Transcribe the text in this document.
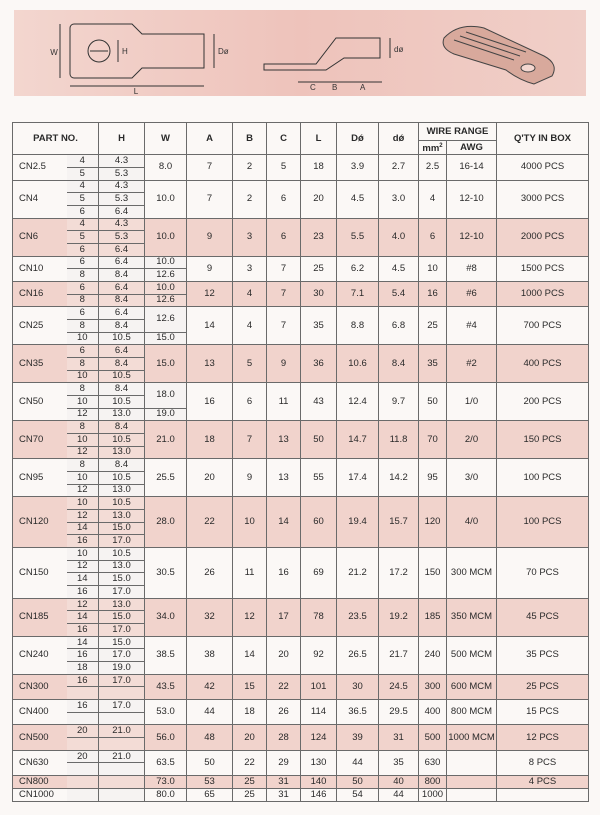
W	H
L
Dø
C B	A
dø
PART NO.		H	W	A	B	C	L	Dǿ	dǿ	WIRE RANGE		Q'TY IN BOX
										$mm^2$	AWG	
CN2.5	4	4.3	8.0	7	2	5	18	3.9	2.7	2.5	16-14	4000 PCS
	5	5.3										
CN4	4	4.3	10.0	7	2	6	20	4.5	3.0	4	12-10	3000 PCS
	5	5.3										
	6	6.4										
CN6	4	4.3	10.0	9	3	6	23	5.5	4.0	6	12-10	2000 PCS
	5	5.3										
	6	6.4										
CN10	6	6.4	10.0	9	3	7	25	6.2	4.5	10	#8	1500 PCS
	8	8.4	12.6									
CN16	6	6.4	10.0	12	4	7	30	7.1	5.4	16	#6	1000 PCS
	8	8.4	12.6									
CN25	6	6.4	12.6	14	4	7	35	8.8	6.8	25	#4	700 PCS
	8	8.4										
	10	10.5	15.0									
CN35	6	6.4	15.0	13	5	9	36	10.6	8.4	35	#2	400 PCS
	8	8.4										
	10	10.5										
CN50	8	8.4	18.0	16	6	11	43	12.4	9.7	50	1/0	200 PCS
	10	10.5										
	12	13.0	19.0									
CN70	8	8.4	21.0	18	7	13	50	14.7	11.8	70	2/0	150 PCS
	10	10.5										
	12	13.0										
CN95	8	8.4	25.5	20	9	13	55	17.4	14.2	95	3/0	100 PCS
	10	10.5										
	12	13.0										
CN120	10	10.5	28.0	22	10	14	60	19.4	15.7	120	4/0	100 PCS
	12	13.0										
	14	15.0										
	16	17.0										
CN150	10	10.5	30.5	26	11	16	69	21.2	17.2	150	300 MCM	70 PCS
	12	13.0										
	14	15.0										
	16	17.0										
CN185	12	13.0	34.0	32	12	17	78	23.5	19.2	185	350 MCM	45 PCS
	14	15.0										
	16	17.0										
CN240	14	15.0	38.5	38	14	20	92	26.5	21.7	240	500 MCM	35 PCS
	16	17.0										
	18	19.0										
CN300	16	17.0	43.5	42	15	22	101	30	24.5	300	600 MCM	25 PCS

CN400	16	17.0	53.0	44	18	26	114	36.5	29.5	400	800 MCM	15 PCS

CN500	20	21.0	56.0	48	20	28	124	39	31	500	1000 MCM	12 PCS

CN630	20	21.0	63.5	50	22	29	130	44	35	630		8 PCS

CN800			73.0	53	25	31	140	50	40	800		4 PCS
CN1000			80.0	65	25	31	146	54	44	1000		
